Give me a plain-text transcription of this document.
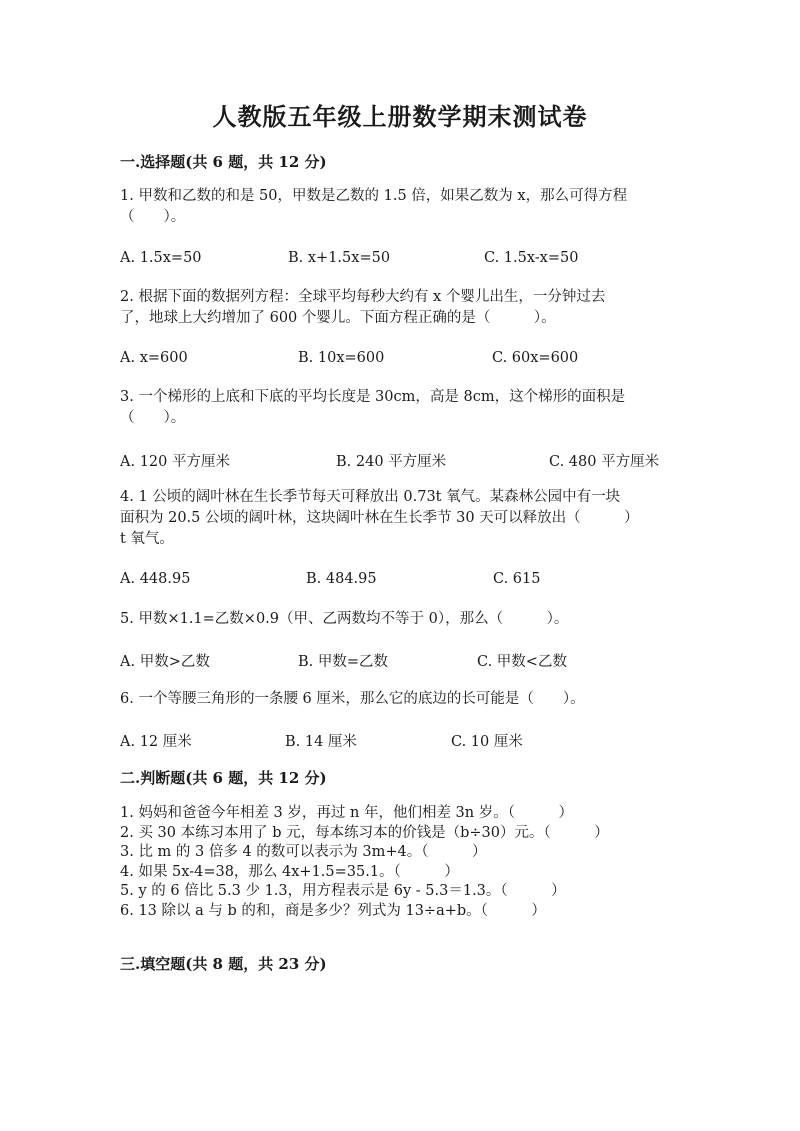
人教版五年级上册数学期末测试卷
一.选择题(共 6 题，共 12 分)
1. 甲数和乙数的和是 50，甲数是乙数的 1.5 倍，如果乙数为 x，那么可得方程
（　　）。
A. 1.5x=50	B. x+1.5x=50	C. 1.5x-x=50
2. 根据下面的数据列方程：全球平均每秒大约有 x 个婴儿出生，一分钟过去
了，地球上大约增加了 600 个婴儿。下面方程正确的是（　　　）。
A. x=600	B. 10x=600	C. 60x=600
3. 一个梯形的上底和下底的平均长度是 30cm，高是 8cm，这个梯形的面积是
（　　）。
A. 120 平方厘米	B. 240 平方厘米	C. 480 平方厘米
4. 1 公顷的阔叶林在生长季节每天可释放出 0.73t 氧气。某森林公园中有一块
面积为 20.5 公顷的阔叶林，这块阔叶林在生长季节 30 天可以释放出（　　　）
t 氧气。
A. 448.95	B. 484.95	C. 615
5. 甲数×1.1=乙数×0.9（甲、乙两数均不等于 0），那么（　　　）。
A. 甲数>乙数	B. 甲数=乙数	C. 甲数<乙数
6. 一个等腰三角形的一条腰 6 厘米，那么它的底边的长可能是（　　）。
A. 12 厘米	B. 14 厘米	C. 10 厘米
二.判断题(共 6 题，共 12 分)
1. 妈妈和爸爸今年相差 3 岁，再过 n 年，他们相差 3n 岁。（　　　）
2. 买 30 本练习本用了 b 元，每本练习本的价钱是（b÷30）元。（　　　）
3. 比 m 的 3 倍多 4 的数可以表示为 3m+4。（　　　）
4. 如果 5x-4=38，那么 4x+1.5=35.1。（　　　）
5. y 的 6 倍比 5.3 少 1.3，用方程表示是 6y - 5.3＝1.3。（　　　）
6. 13 除以 a 与 b 的和，商是多少？列式为 13÷a+b。（　　　）
三.填空题(共 8 题，共 23 分)
